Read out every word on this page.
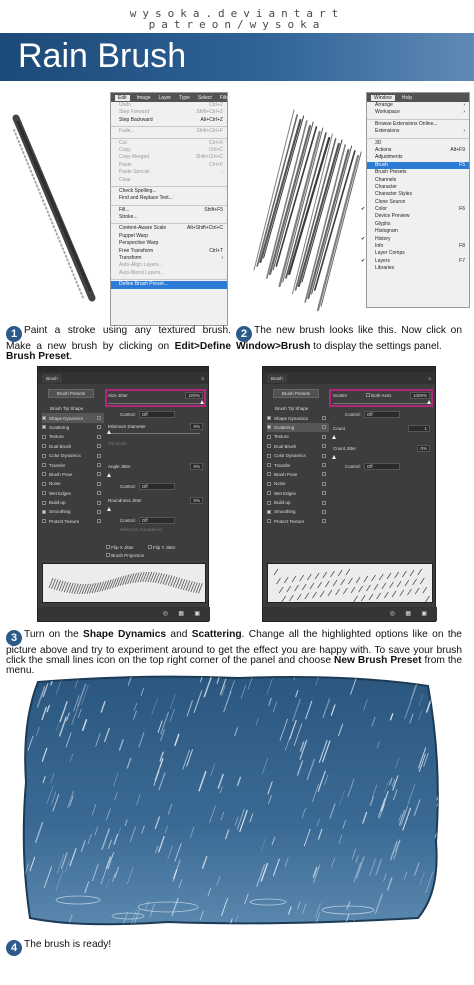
wysoka.deviantart
patreon/wysoka
Rain Brush
Edit	Image Layer Type Select Filter
Undo	Ctrl+Z
Step Forward	Shift+Ctrl+Z
Step Backward	Alt+Ctrl+Z
Fade...	Shift+Ctrl+F
Cut	Ctrl+X
Copy	Ctrl+C
Copy Merged	Shift+Ctrl+C
Paste	Ctrl+V
Paste Special	›
Clear
Check Spelling...
Find and Replace Text...
Fill...	Shift+F5
Stroke...
Content-Aware Scale	Alt+Shift+Ctrl+C
Puppet Warp
Perspective Warp
Free Transform	Ctrl+T
Transform	›
Auto-Align Layers...
Auto-Blend Layers...
Define Brush Preset...
Window	Help
Arrange	›
Workspace	›
Browse Extensions Online...
Extensions	›
3D
Actions	Alt+F9
Adjustments
Brush	F5
Brush Presets
Channels
Character
Character Styles
Clone Source
✔ Color	F6
Device Preview
Glyphs
Histogram
✔ History
Info	F8
Layer Comps
✔ Layers	F7
Libraries
1 Paint a stroke using any textured brush. Make a new brush by clicking on Edit>Define Brush Preset.
2 The new brush looks like this. Now click on Window>Brush to display the settings panel.
Brush	≡
Brush Presets
Brush Tip Shape
Shape Dynamics
Scattering
Texture
Dual Brush
Color Dynamics
Transfer
Brush Pose
Noise
Wet Edges
Build-up
Smoothing
Protect Texture
Size Jitter	100%
Control:	Off
Minimum Diameter	0%
Tilt Scale
Angle Jitter	0%
Control:	Off
Roundness Jitter	0%
Control:	Off
Minimum Roundness
Flip X Jitter	Flip Y Jitter
Brush Projection
◎ ▦ ▣
Brush	≡
Brush Presets
Brush Tip Shape
Shape Dynamics
Scattering
Texture
Dual Brush
Color Dynamics
Transfer
Brush Pose
Noise
Wet Edges
Build-up
Smoothing
Protect Texture
Scatter	Both Axes	1000%
Control:	Off
Count	1
Count Jitter	0%
Control:	Off
◎ ▦ ▣
3 Turn on the Shape Dynamics and Scattering. Change all the highlighted options like on the picture above and try to experiment around to get the effect you are happy with. To save your brush click the small lines icon on the top right corner of the panel and choose New Brush Preset from the menu.
4 The brush is ready!
